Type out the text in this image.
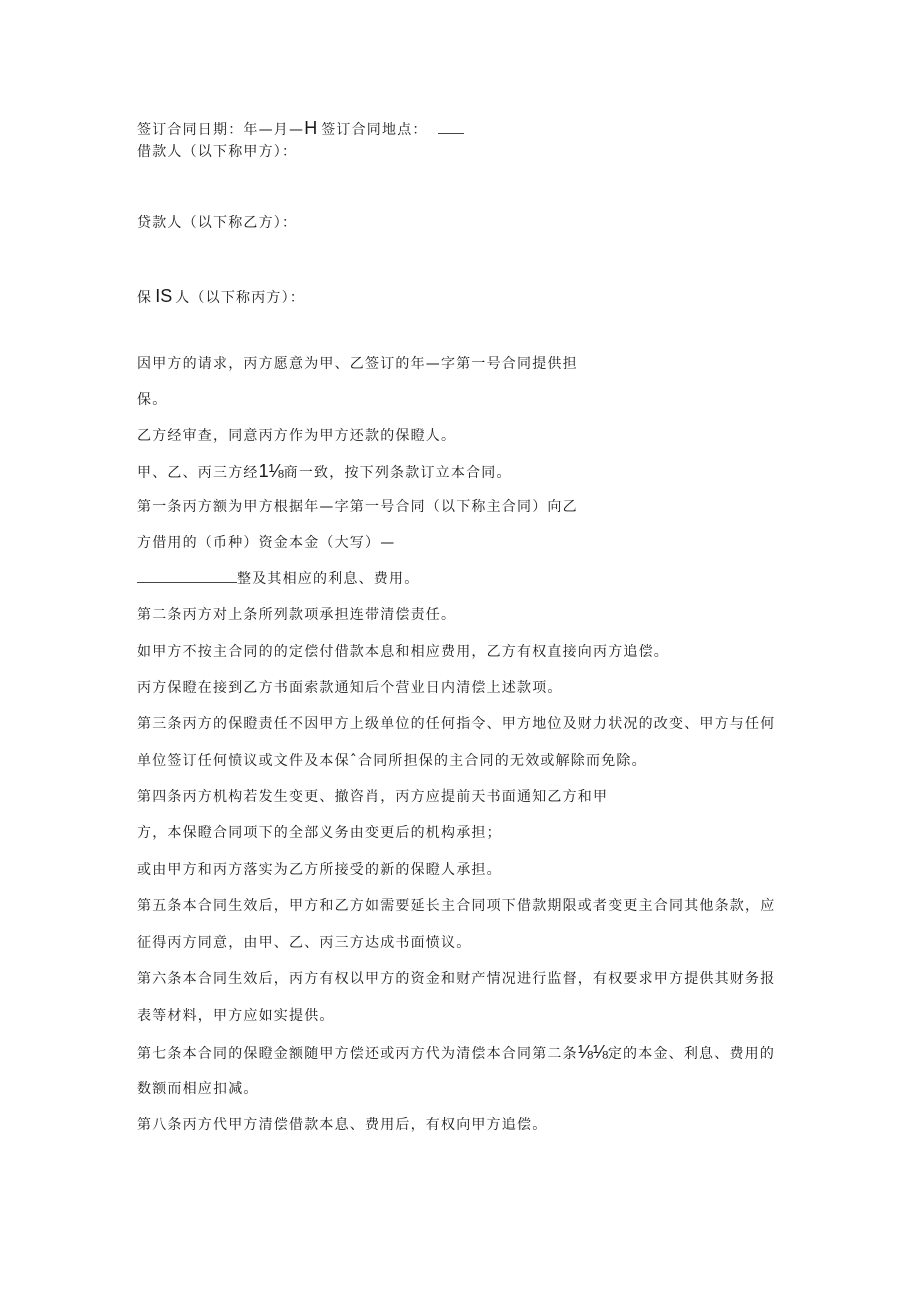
签订合同日期：年—月—H 签订合同地点：
借款人（以下称甲方）：
贷款人（以下称乙方）：
保 IS 人（以下称丙方）：
因甲方的请求，丙方愿意为甲、乙签订的年—字第一号合同提供担
保。
乙方经审查，同意丙方作为甲方还款的保瞪人。
甲、乙、丙三方经1⅛商一致，按下列条款订立本合同。
第一条丙方额为甲方根据年—字第一号合同（以下称主合同）向乙
方借用的（币种）资金本金（大写）—
整及其相应的利息、费用。
第二条丙方对上条所列款项承担连带清偿责任。
如甲方不按主合同的的定偿付借款本息和相应费用，乙方有权直接向丙方追偿。
丙方保瞪在接到乙方书面索款通知后个营业日内清偿上述款项。
第三条丙方的保瞪责任不因甲方上级单位的任何指令、甲方地位及财力状况的改变、甲方与任何
单位签订任何愤议或文件及本保ˆ合同所担保的主合同的无效或解除而免除。
第四条丙方机构若发生变更、撤咨肖，丙方应提前天书面通知乙方和甲
方，本保瞪合同项下的全部义务由变更后的机构承担；
或由甲方和丙方落实为乙方所接受的新的保瞪人承担。
第五条本合同生效后，甲方和乙方如需要延长主合同项下借款期限或者变更主合同其他条款，应
征得丙方同意，由甲、乙、丙三方达成书面愤议。
第六条本合同生效后，丙方有权以甲方的资金和财产情况进行监督，有权要求甲方提供其财务报
表等材料，甲方应如实提供。
第七条本合同的保瞪金额随甲方偿还或丙方代为清偿本合同第二条⅛⅛定的本金、利息、费用的
数额而相应扣减。
第八条丙方代甲方清偿借款本息、费用后，有权向甲方追偿。
